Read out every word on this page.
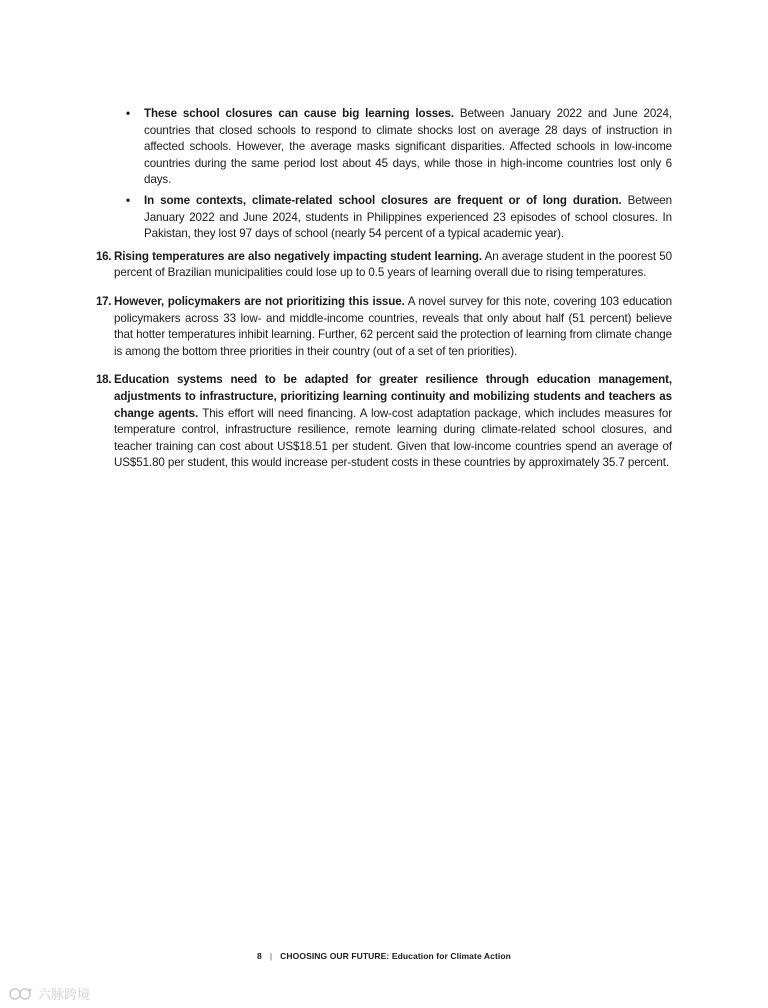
• These school closures can cause big learning losses. Between January 2022 and June 2024, countries that closed schools to respond to climate shocks lost on average 28 days of instruction in affected schools. However, the average masks significant disparities. Affected schools in low-income countries during the same period lost about 45 days, while those in high-income countries lost only 6 days.

• In some contexts, climate-related school closures are frequent or of long duration. Between January 2022 and June 2024, students in Philippines experienced 23 episodes of school closures. In Pakistan, they lost 97 days of school (nearly 54 percent of a typical academic year).

16. Rising temperatures are also negatively impacting student learning. An average student in the poorest 50 percent of Brazilian municipalities could lose up to 0.5 years of learning overall due to rising temperatures.

17. However, policymakers are not prioritizing this issue. A novel survey for this note, covering 103 education policymakers across 33 low- and middle-income countries, reveals that only about half (51 percent) believe that hotter temperatures inhibit learning. Further, 62 percent said the protection of learning from climate change is among the bottom three priorities in their country (out of a set of ten priorities).

18. Education systems need to be adapted for greater resilience through education management, adjustments to infrastructure, prioritizing learning continuity and mobilizing students and teachers as change agents. This effort will need financing. A low-cost adaptation package, which includes measures for temperature control, infrastructure resilience, remote learning during climate-related school closures, and teacher training can cost about US$18.51 per student. Given that low-income countries spend an average of US$51.80 per student, this would increase per-student costs in these countries by approximately 35.7 percent.

8 | CHOOSING OUR FUTURE: Education for Climate Action
六脉跨境
